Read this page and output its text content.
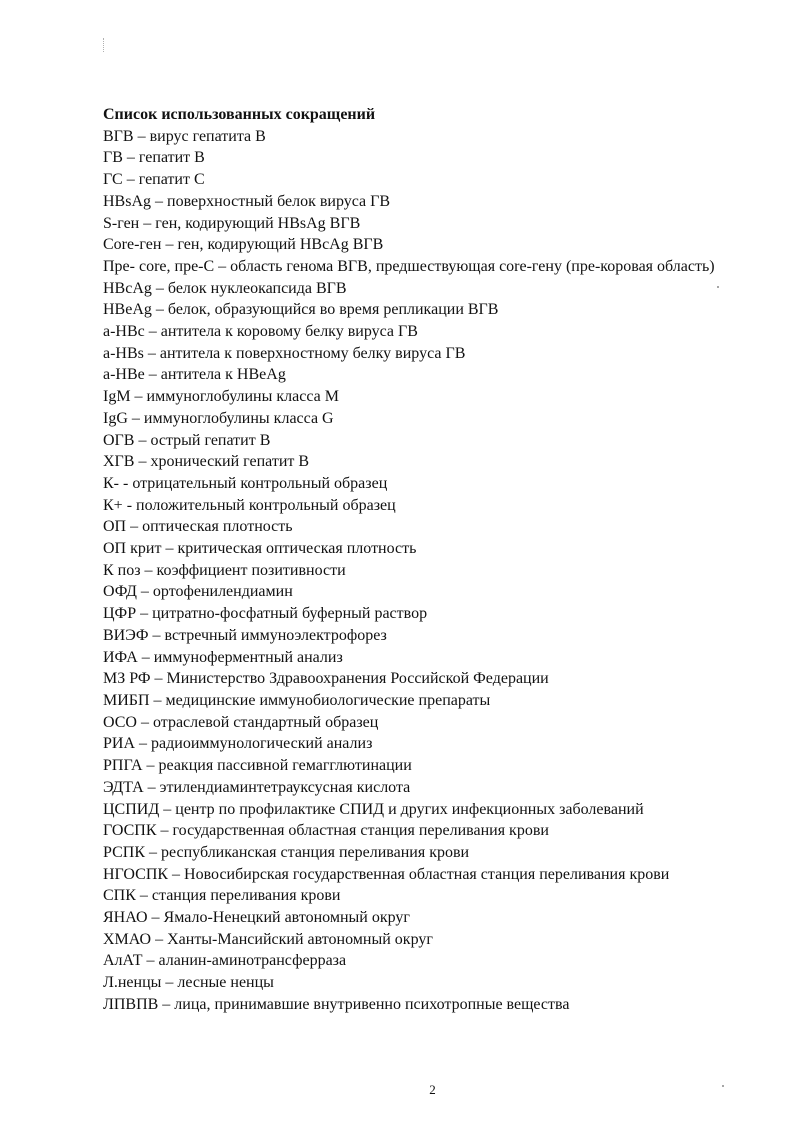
Список использованных сокращений
ВГВ – вирус гепатита В
ГВ – гепатит В
ГС – гепатит С
HBsAg – поверхностный белок вируса ГВ
S-ген – ген, кодирующий HBsAg ВГВ
Core-ген – ген, кодирующий HBcAg ВГВ
Пре- core, пре-С – область генома ВГВ, предшествующая core-гену (пре-коровая область)
HBcAg – белок нуклеокапсида ВГВ
HBeAg – белок, образующийся во время репликации ВГВ
a-HBc – антитела к коровому белку вируса ГВ
a-HBs – антитела к поверхностному белку вируса ГВ
a-HBe – антитела к HBeAg
IgM – иммуноглобулины класса М
IgG – иммуноглобулины класса G
ОГВ – острый гепатит В
ХГВ – хронический гепатит В
К- - отрицательный контрольный образец
К+ - положительный контрольный образец
ОП – оптическая плотность
ОП крит – критическая оптическая плотность
К поз – коэффициент позитивности
ОФД – ортофенилендиамин
ЦФР – цитратно-фосфатный буферный раствор
ВИЭФ – встречный иммуноэлектрофорез
ИФА – иммуноферментный анализ
МЗ РФ – Министерство Здравоохранения Российской Федерации
МИБП – медицинские иммунобиологические препараты
ОСО – отраслевой стандартный образец
РИА – радиоиммунологический анализ
РПГА – реакция пассивной гемагглютинации
ЭДТА – этилендиаминтетрауксусная кислота
ЦСПИД – центр по профилактике СПИД и других инфекционных заболеваний
ГОСПК – государственная областная станция переливания крови
РСПК – республиканская станция переливания крови
НГОСПК – Новосибирская государственная областная станция переливания крови
СПК – станция переливания крови
ЯНАО – Ямало-Ненецкий автономный округ
ХМАО – Ханты-Мансийский автономный округ
АлАТ – аланин-аминотрансферраза
Л.ненцы – лесные ненцы
ЛПВПВ – лица, принимавшие внутривенно психотропные вещества
2
